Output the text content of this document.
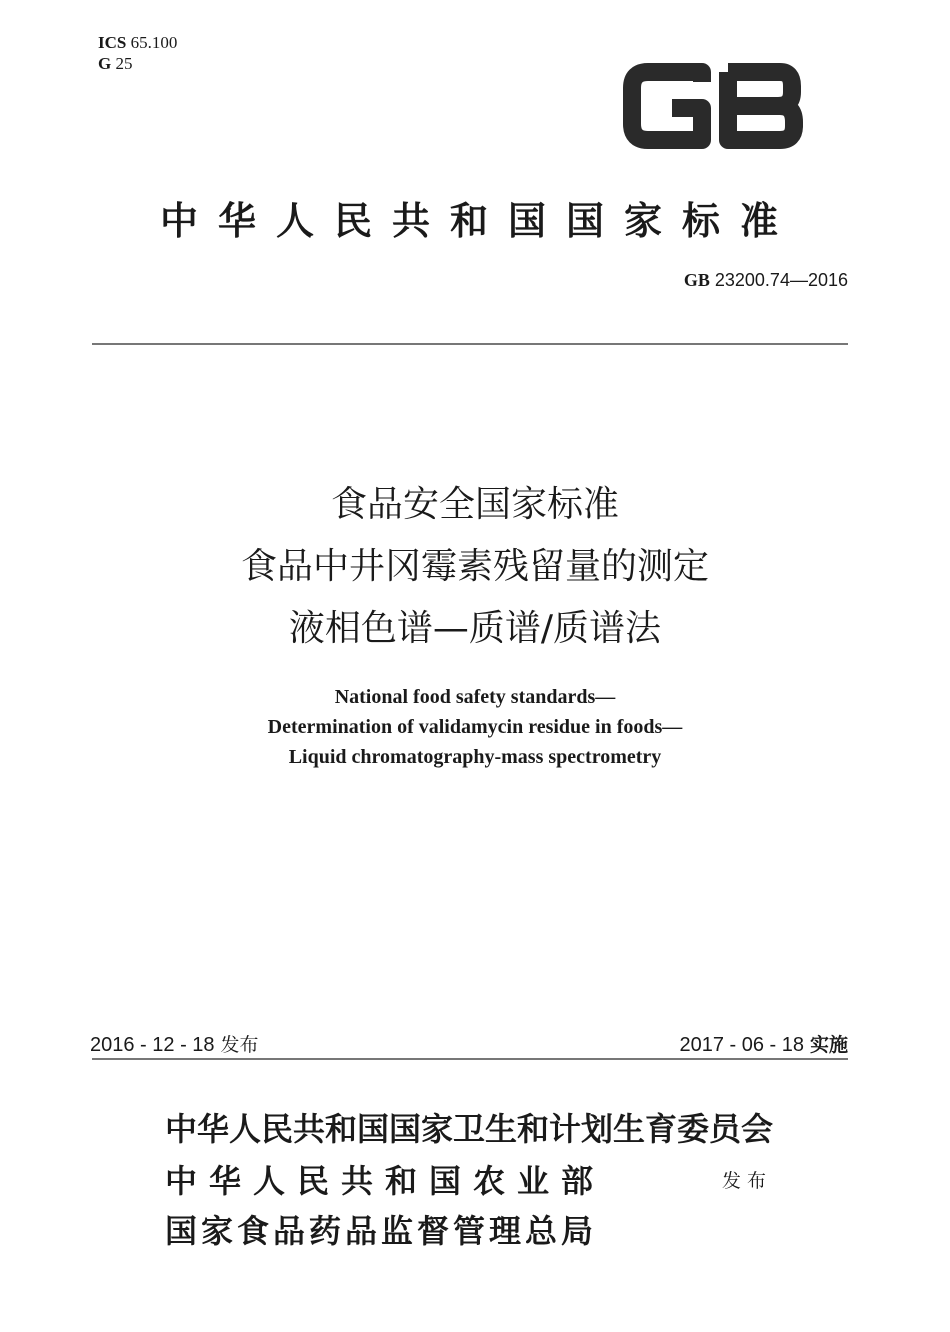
ICS 65.100
G 25
GB
中华人民共和国国家标准
GB 23200.74—2016
食品安全国家标准
食品中井冈霉素残留量的测定
液相色谱—质谱/质谱法
National food safety standards—
Determination of validamycin residue in foods—
Liquid chromatography-mass spectrometry
2016 - 12 - 18 发布	2017 - 06 - 18 实施
中华人民共和国国家卫生和计划生育委员会
中华人民共和国农业部
国家食品药品监督管理总局
发布
